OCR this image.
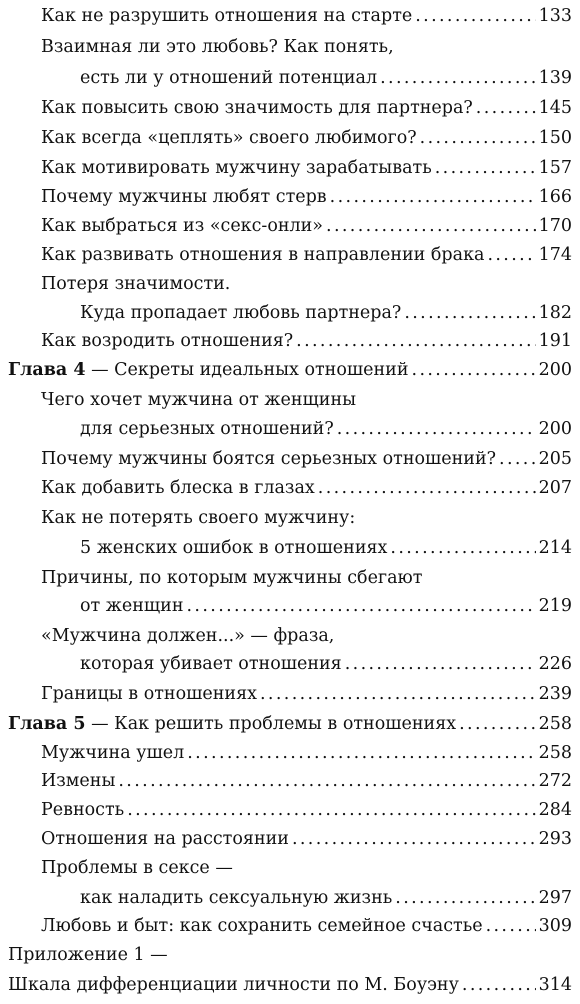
Как не разрушить отношения на старте . . .	133
Взаимная ли это любовь? Как понять,
есть ли у отношений потенциал . . .	139
Как повысить свою значимость для партнера? . . .	145
Как всегда «цеплять» своего любимого? . . .	150
Как мотивировать мужчину зарабатывать . . .	157
Почему мужчины любят стерв . . .	166
Как выбраться из «секс-онли» . . .	170
Как развивать отношения в направлении брака . . .	174
Потеря значимости.
Куда пропадает любовь партнера? . . .	182
Как возродить отношения? . . .	191
Глава 4 — Секреты идеальных отношений . . .	200
Чего хочет мужчина от женщины
для серьезных отношений? . . .	200
Почему мужчины боятся серьезных отношений? . . . 205
Как добавить блеска в глазах . . .	207
Как не потерять своего мужчину:
5 женских ошибок в отношениях . . .	214
Причины, по которым мужчины сбегают
от женщин . . .	219
«Мужчина должен...» — фраза,
которая убивает отношения . . .	226
Границы в отношениях . . .	239
Глава 5 — Как решить проблемы в отношениях . . .	258
Мужчина ушел . . .	258
Измены . . .	272
Ревность . . .	284
Отношения на расстоянии . . .	293
Проблемы в сексе —
как наладить сексуальную жизнь . . .	297
Любовь и быт: как сохранить семейное счастье . . .	309
Приложение 1 —
Шкала дифференциации личности по М. Боуэну . . .	314
